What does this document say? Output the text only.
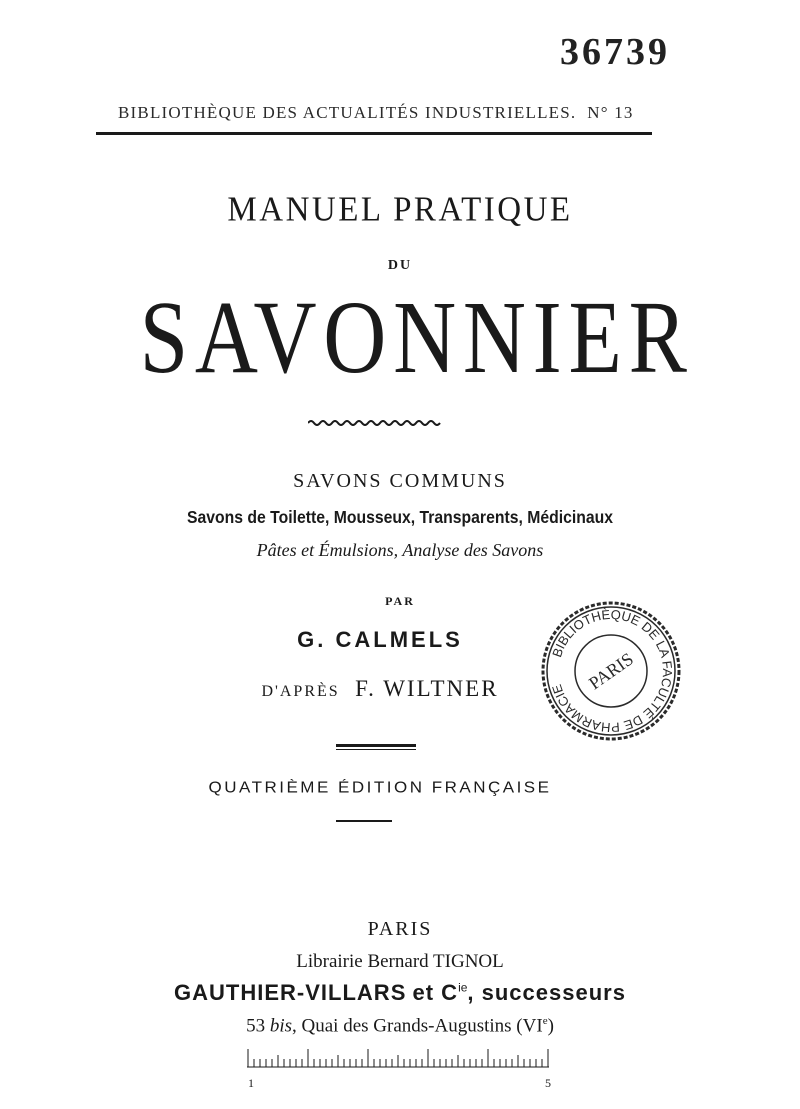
36739
BIBLIOTHÈQUE DES ACTUALITÉS INDUSTRIELLES. N° 13
MANUEL PRATIQUE
DU
SAVONNIER
SAVONS COMMUNS
Savons de Toilette, Mousseux, Transparents, Médicinaux
Pâtes et Émulsions, Analyse des Savons
PAR
G. CALMELS
D'APRÈS F. WILTNER
BIBLIOTHÈQUE DE LA FACULTÉ DE PHARMACIE	PARIS
QUATRIÈME ÉDITION FRANÇAISE
PARIS
Librairie Bernard TIGNOL
GAUTHIER-VILLARS et $C^{ie}$, successeurs
53 bis, Quai des Grands-Augustins (VIe)
1	5
